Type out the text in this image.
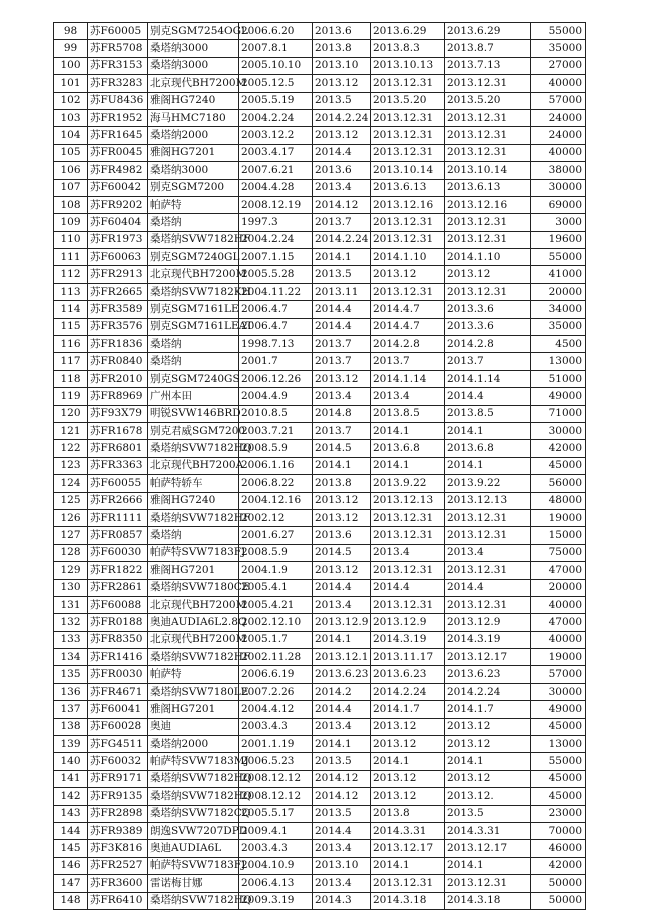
98	苏F60005	别克SGM7254OGL	2006.6.20	2013.6	2013.6.29	2013.6.29	55000
99	苏FR5708	桑塔纳3000	2007.8.1	2013.8	2013.8.3	2013.8.7	35000
100	苏FR3153	桑塔纳3000	2005.10.10	2013.10	2013.10.13	2013.7.13	27000
101	苏FR3283	北京现代BH7200M	2005.12.5	2013.12	2013.12.31	2013.12.31	40000
102	苏FU8436	雅阁HG7240	2005.5.19	2013.5	2013.5.20	2013.5.20	57000
103	苏FR1952	海马HMC7180	2004.2.24	2014.2.24	2013.12.31	2013.12.31	24000
104	苏FR1645	桑塔纳2000	2003.12.2	2013.12	2013.12.31	2013.12.31	24000
105	苏FR0045	雅阁HG7201	2003.4.17	2014.4	2013.12.31	2013.12.31	40000
106	苏FR4982	桑塔纳3000	2007.6.21	2013.6	2013.10.14	2013.10.14	38000
107	苏F60042	别克SGM7200	2004.4.28	2013.4	2013.6.13	2013.6.13	30000
108	苏FR9202	帕萨特	2008.12.19	2014.12	2013.12.16	2013.12.16	69000
109	苏F60404	桑塔纳	1997.3	2013.7	2013.12.31	2013.12.31	3000
110	苏FR1973	桑塔纳SVW7182HF	2004.2.24	2014.2.24	2013.12.31	2013.12.31	19600
111	苏F60063	别克SGM7240GL	2007.1.15	2014.1	2014.1.10	2014.1.10	55000
112	苏FR2913	北京现代BH7200M	2005.5.28	2013.5	2013.12	2013.12	41000
113	苏FR2665	桑塔纳SVW7182KH	2004.11.22	2013.11	2013.12.31	2013.12.31	20000
114	苏FR3589	别克SGM7161LE	2006.4.7	2014.4	2014.4.7	2013.3.6	34000
115	苏FR3576	别克SGM7161LEAT	2006.4.7	2014.4	2014.4.7	2013.3.6	35000
116	苏FR1836	桑塔纳	1998.7.13	2013.7	2014.2.8	2014.2.8	4500
117	苏FR0840	桑塔纳	2001.7	2013.7	2013.7	2013.7	13000
118	苏FR2010	别克SGM7240GS	2006.12.26	2013.12	2014.1.14	2014.1.14	51000
119	苏FR8969	广州本田	2004.4.9	2013.4	2013.4	2014.4	49000
120	苏F93X79	明锐SVW146BRD	2010.8.5	2014.8	2013.8.5	2013.8.5	71000
121	苏FR1678	别克君威SGM7200	2003.7.21	2013.7	2014.1	2014.1	30000
122	苏FR6801	桑塔纳SVW7182HQ	2008.5.9	2014.5	2013.6.8	2013.6.8	42000
123	苏FR3363	北京现代BH7200A	2006.1.16	2014.1	2014.1	2014.1	45000
124	苏F60055	帕萨特轿车	2006.8.22	2013.8	2013.9.22	2013.9.22	56000
125	苏FR2666	雅阁HG7240	2004.12.16	2013.12	2013.12.13	2013.12.13	48000
126	苏FR1111	桑塔纳SVW7182HF	2002.12	2013.12	2013.12.31	2013.12.31	19000
127	苏FR0857	桑塔纳	2001.6.27	2013.6	2013.12.31	2013.12.31	15000
128	苏F60030	帕萨特SVW7183FJ	2008.5.9	2014.5	2013.4	2013.4	75000
129	苏FR1822	雅阁HG7201	2004.1.9	2013.12	2013.12.31	2013.12.31	47000
130	苏FR2861	桑塔纳SVW7180CE	2005.4.1	2014.4	2014.4	2014.4	20000
131	苏F60088	北京现代BH7200M	2005.4.21	2013.4	2013.12.31	2013.12.31	40000
132	苏FR0188	奥迪AUDIA6L2.8Q	2002.12.10	2013.12.9	2013.12.9	2013.12.9	47000
133	苏FR8350	北京现代BH7200M	2005.1.7	2014.1	2014.3.19	2014.3.19	40000
134	苏FR1416	桑塔纳SVW7182HF	2002.11.28	2013.12.1	2013.11.17	2013.12.17	19000
135	苏FR0030	帕萨特	2006.6.19	2013.6.23	2013.6.23	2013.6.23	57000
136	苏FR4671	桑塔纳SVW7180LE	2007.2.26	2014.2	2014.2.24	2014.2.24	30000
137	苏F60041	雅阁HG7201	2004.4.12	2014.4	2014.1.7	2014.1.7	49000
138	苏F60028	奥迪	2003.4.3	2013.4	2013.12	2013.12	45000
139	苏FG4511	桑塔纳2000	2001.1.19	2014.1	2013.12	2013.12	13000
140	苏F60032	帕萨特SVW7183MJ	2006.5.23	2013.5	2014.1	2014.1	55000
141	苏FR9171	桑塔纳SVW7182HQ	2008.12.12	2014.12	2013.12	2013.12	45000
142	苏FR9135	桑塔纳SVW7182HQ	2008.12.12	2014.12	2013.12	2013.12.	45000
143	苏FR2898	桑塔纳SVW7182CQ	2005.5.17	2013.5	2013.8	2013.5	23000
144	苏FR9389	朗逸SVW7207DPD	2009.4.1	2014.4	2014.3.31	2014.3.31	70000
145	苏F3K816	奥迪AUDIA6L	2003.4.3	2013.4	2013.12.17	2013.12.17	46000
146	苏FR2527	帕萨特SVW7183FJ	2004.10.9	2013.10	2014.1	2014.1	42000
147	苏FR3600	雷诺梅甘娜	2006.4.13	2013.4	2013.12.31	2013.12.31	50000
148	苏FR6410	桑塔纳SVW7182HQ	2009.3.19	2014.3	2014.3.18	2014.3.18	50000
